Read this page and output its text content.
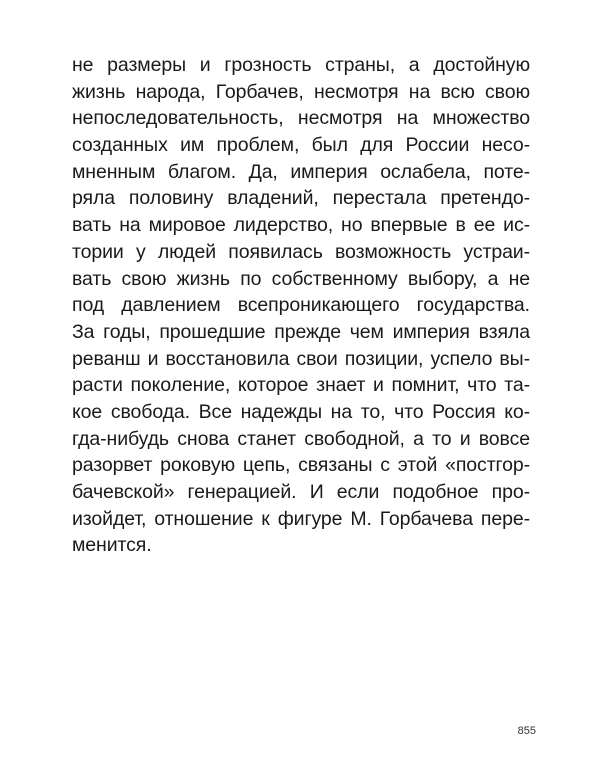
не размеры и грозность страны, а достойную
жизнь народа, Горбачев, несмотря на всю свою
непоследовательность, несмотря на множество
созданных им проблем, был для России несо-
мненным благом. Да, империя ослабела, поте-
ряла половину владений, перестала претендо-
вать на мировое лидерство, но впервые в ее ис-
тории у людей появилась возможность устраи-
вать свою жизнь по собственному выбору, а не
под давлением всепроникающего государства.
За годы, прошедшие прежде чем империя взяла
реванш и восстановила свои позиции, успело вы-
расти поколение, которое знает и помнит, что та-
кое свобода. Все надежды на то, что Россия ко-
гда-нибудь снова станет свободной, а то и вовсе
разорвет роковую цепь, связаны с этой «постгор-
бачевской» генерацией. И если подобное про-
изойдет, отношение к фигуре М. Горбачева пере-
менится.
855
